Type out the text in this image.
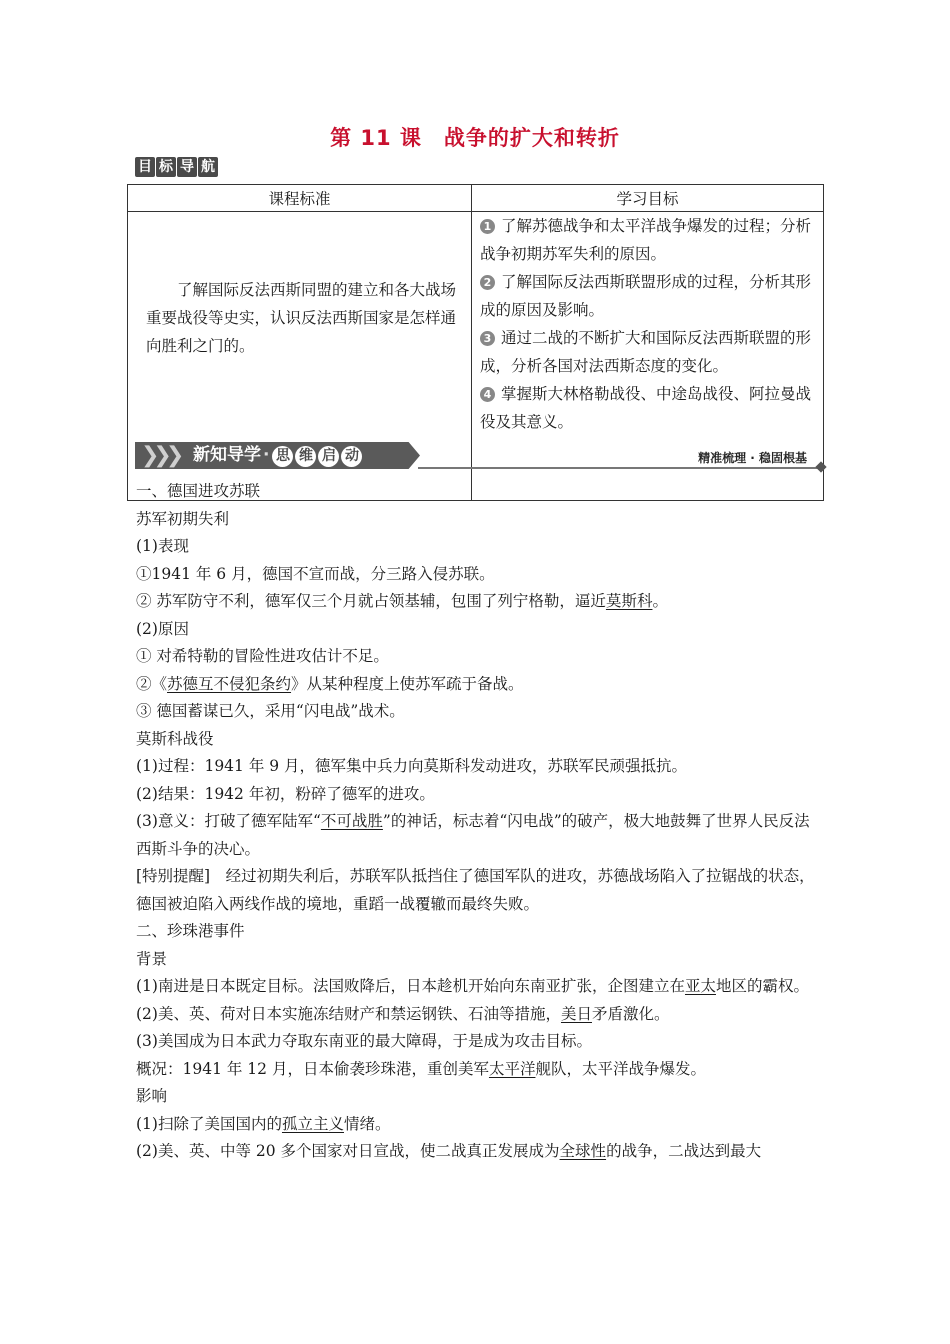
第 11 课 战争的扩大和转折
目 标 导 航
课程标准	学习目标
了解国际反法西斯同盟的建立和各大战场重要战役等史实，认识反法西斯国家是怎样通向胜利之门的。	1 了解苏德战争和太平洋战争爆发的过程；分析战争初期苏军失利的原因。
2 了解国际反法西斯联盟形成的过程，分析其形成的原因及影响。
3 通过二战的不断扩大和国际反法西斯联盟的形成，分析各国对法西斯态度的变化。
4 掌握斯大林格勒战役、中途岛战役、阿拉曼战役及其意义。
❯❯❯ 新知导学 · 思 维 启 动	精准梳理 · 稳固根基

一、德国进攻苏联

苏军初期失利

(1)表现

①1941 年 6 月，德国不宣而战，分三路入侵苏联。

② 苏军防守不利，德军仅三个月就占领基辅，包围了列宁格勒，逼近莫斯科。

(2)原因

① 对希特勒的冒险性进攻估计不足。

②《苏德互不侵犯条约》从某种程度上使苏军疏于备战。

③ 德国蓄谋已久，采用“闪电战”战术。

莫斯科战役

(1)过程：1941 年 9 月，德军集中兵力向莫斯科发动进攻，苏联军民顽强抵抗。

(2)结果：1942 年初，粉碎了德军的进攻。

(3)意义：打破了德军陆军“不可战胜”的神话，标志着“闪电战”的破产，极大地鼓舞了世界人民反法西斯斗争的决心。

[特别提醒]　经过初期失利后，苏联军队抵挡住了德国军队的进攻，苏德战场陷入了拉锯战的状态，德国被迫陷入两线作战的境地，重蹈一战覆辙而最终失败。

二、珍珠港事件

背景

(1)南进是日本既定目标。法国败降后，日本趁机开始向东南亚扩张，企图建立在亚太地区的霸权。

(2)美、英、荷对日本实施冻结财产和禁运钢铁、石油等措施，美日矛盾激化。

(3)美国成为日本武力夺取东南亚的最大障碍，于是成为攻击目标。

概况：1941 年 12 月，日本偷袭珍珠港，重创美军太平洋舰队，太平洋战争爆发。

影响

(1)扫除了美国国内的孤立主义情绪。

(2)美、英、中等 20 多个国家对日宣战，使二战真正发展成为全球性的战争，二战达到最大
